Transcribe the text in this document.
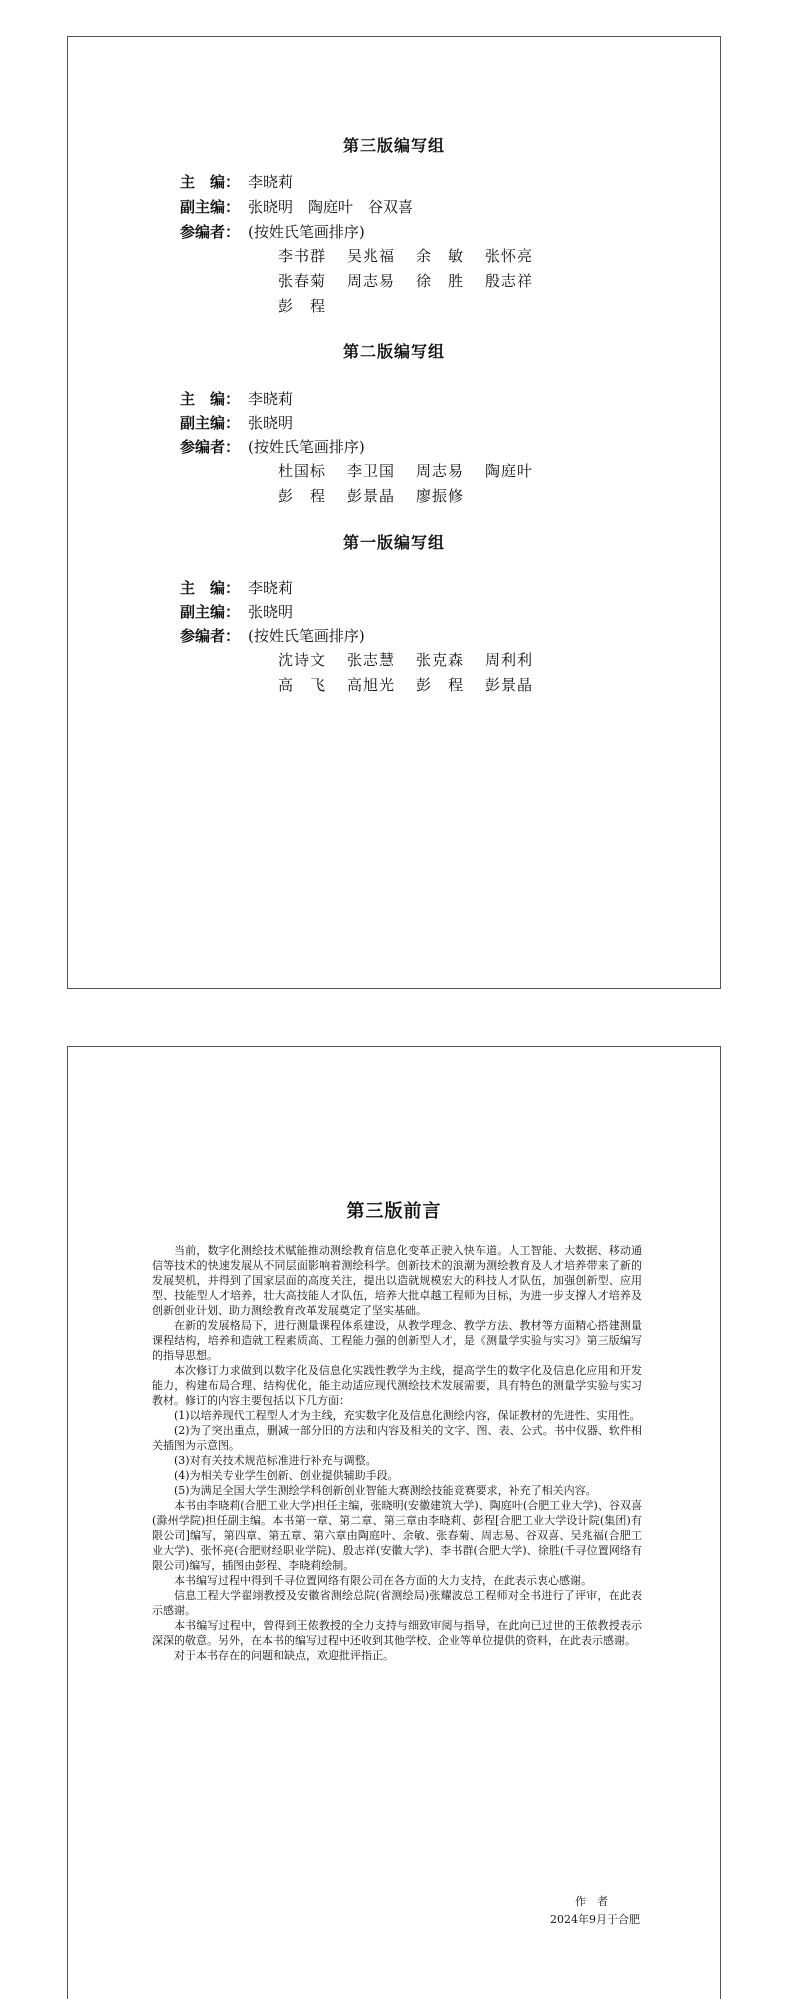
第三版编写组
主　编： 李晓莉
副主编： 张晓明　陶庭叶　谷双喜
参编者： (按姓氏笔画排序)
李书群 吴兆福 余　敏 张怀亮
张春菊 周志易 徐　胜 殷志祥
彭　程
第二版编写组
主　编： 李晓莉
副主编： 张晓明
参编者： (按姓氏笔画排序)
杜国标 李卫国 周志易 陶庭叶
彭　程 彭景晶 廖振修
第一版编写组
主　编： 李晓莉
副主编： 张晓明
参编者： (按姓氏笔画排序)
沈诗文 张志慧 张克森 周利利
高　飞 高旭光 彭　程 彭景晶
第三版前言

当前，数字化测绘技术赋能推动测绘教育信息化变革正驶入快车道。人工智能、大数据、移动通信等技术的快速发展从不同层面影响着测绘科学。创新技术的浪潮为测绘教育及人才培养带来了新的发展契机，并得到了国家层面的高度关注，提出以造就规模宏大的科技人才队伍，加强创新型、应用型、技能型人才培养，壮大高技能人才队伍，培养大批卓越工程师为目标，为进一步支撑人才培养及创新创业计划、助力测绘教育改革发展奠定了坚实基础。

在新的发展格局下，进行测量课程体系建设，从教学理念、教学方法、教材等方面精心搭建测量课程结构，培养和造就工程素质高、工程能力强的创新型人才，是《测量学实验与实习》第三版编写的指导思想。

本次修订力求做到以数字化及信息化实践性教学为主线，提高学生的数字化及信息化应用和开发能力，构建布局合理、结构优化，能主动适应现代测绘技术发展需要，具有特色的测量学实验与实习教材。修订的内容主要包括以下几方面：

(1)以培养现代工程型人才为主线，充实数字化及信息化测绘内容，保证教材的先进性、实用性。

(2)为了突出重点，删减一部分旧的方法和内容及相关的文字、图、表、公式。书中仪器、软件相关插图为示意图。

(3)对有关技术规范标准进行补充与调整。

(4)为相关专业学生创新、创业提供辅助手段。

(5)为满足全国大学生测绘学科创新创业智能大赛测绘技能竞赛要求，补充了相关内容。

本书由李晓莉(合肥工业大学)担任主编，张晓明(安徽建筑大学)、陶庭叶(合肥工业大学)、谷双喜(滁州学院)担任副主编。本书第一章、第二章、第三章由李晓莉、彭程[合肥工业大学设计院(集团)有限公司]编写，第四章、第五章、第六章由陶庭叶、余敏、张春菊、周志易、谷双喜、吴兆福(合肥工业大学)、张怀亮(合肥财经职业学院)、殷志祥(安徽大学)、李书群(合肥大学)、徐胜(千寻位置网络有限公司)编写，插图由彭程、李晓莉绘制。

本书编写过程中得到千寻位置网络有限公司在各方面的大力支持，在此表示衷心感谢。

信息工程大学翟翊教授及安徽省测绘总院(省测绘局)张耀波总工程师对全书进行了评审，在此表示感谢。

本书编写过程中，曾得到王侬教授的全力支持与细致审阅与指导，在此向已过世的王侬教授表示深深的敬意。另外，在本书的编写过程中还收到其他学校、企业等单位提供的资料，在此表示感谢。

对于本书存在的问题和缺点，欢迎批评指正。

作　者
2024年9月于合肥
